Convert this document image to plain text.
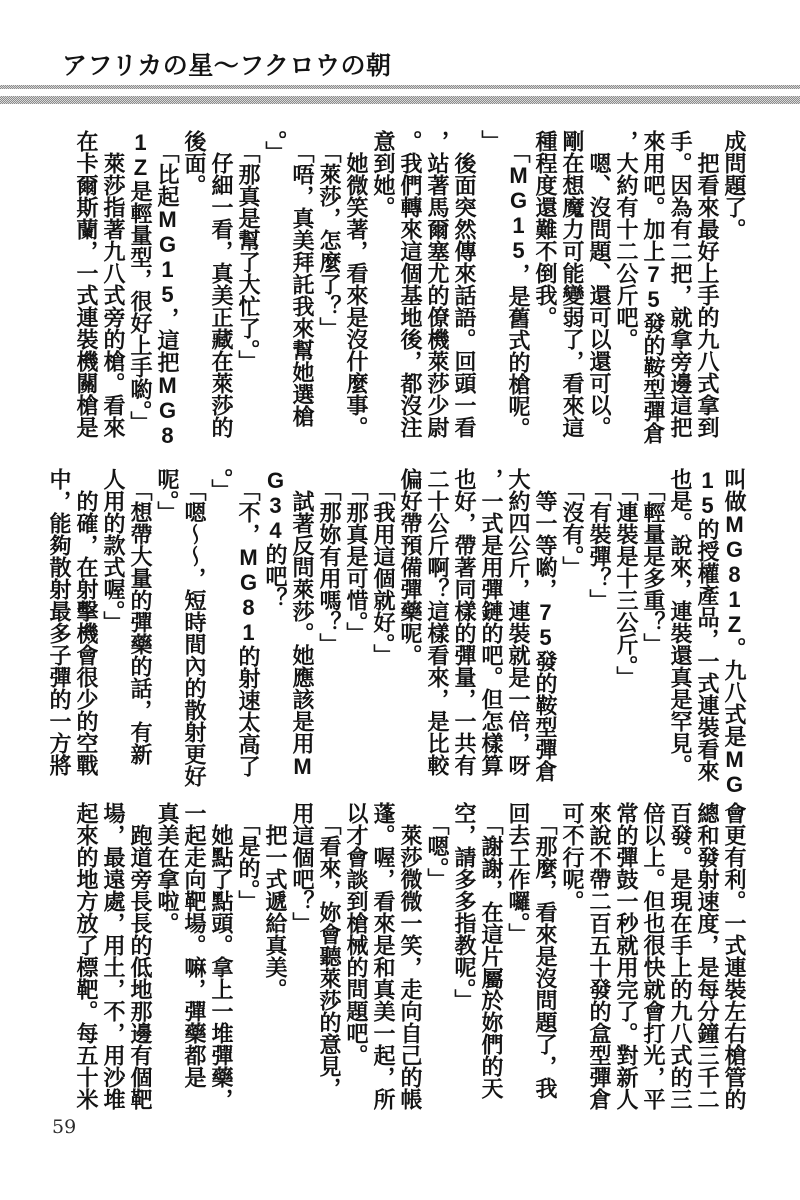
アフリカの星～フクロウの朝

成問題了。

　把看來最好上手的九八式拿到

手。因為有二把，就拿旁邊這把

來用吧。加上75發的鞍型彈倉

，大約有十二公斤吧。

　嗯、沒問題、還可以還可以。

剛在想魔力可能變弱了，看來這

種程度還難不倒我。

　「MG15，是舊式的槍呢。

」

　後面突然傳來話語。回頭一看

，站著馬爾塞尤的僚機萊莎少尉

。我們轉來這個基地後，都沒注

意到她。

　她微笑著，看來是沒什麼事。

　「萊莎，怎麼了？」

　「唔，真美拜託我來幫她選槍

。」

　「那真是幫了大忙了。」

　仔細一看，真美正藏在萊莎的

後面。

　「比起MG15，這把MG8

1Z是輕量型，很好上手喲。」

　萊莎指著九八式旁的槍。看來

在卡爾斯蘭，一式連裝機關槍是

叫做MG81Z。九八式是MG

15的授權產品，一式連裝看來

也是。說來，連裝還真是罕見。

　「輕量是多重？」

　「連裝是十三公斤。」

　「有裝彈？」

　「沒有。」

　等一等喲，75發的鞍型彈倉

大約四公斤，連裝就是一倍，呀

，一式是用彈鏈的吧。但怎樣算

也好，帶著同樣的彈量，一共有

二十公斤啊？這樣看來，是比較

偏好帶預備彈藥呢。

　「我用這個就好。」

　「那真是可惜。」

　「那妳有用嗎？」

　試著反問萊莎。她應該是用M

G34的吧？

　「不，MG81的射速太高了

。」

　「嗯～～，短時間內的散射更好

呢。」

　「想帶大量的彈藥的話，有新

人用的款式喔。」

　的確，在射擊機會很少的空戰

中，能夠散射最多子彈的一方將

會更有利。一式連裝左右槍管的

總和發射速度，是每分鐘三千二

百發。是現在手上的九八式的三

倍以上。但也很快就會打光，平

常的彈鼓一秒就用完了。對新人

來說不帶二百五十發的盒型彈倉

可不行呢。

　「那麼，看來是沒問題了，我

回去工作囉。」

　「謝謝，在這片屬於妳們的天

空，請多多指教呢。」

　「嗯。」

　萊莎微微一笑，走向自己的帳

蓬。喔，看來是和真美一起，所

以才會談到槍械的問題吧。

　「看來，妳會聽萊莎的意見，

用這個吧？」

　把一式遞給真美。

　「是的。」

　她點了點頭。拿上一堆彈藥，

一起走向靶場。嘛，彈藥都是

真美在拿啦。

　跑道旁長長的低地那邊有個靶

場，最遠處，用土，不，用沙堆

起來的地方放了標靶。每五十米

59
